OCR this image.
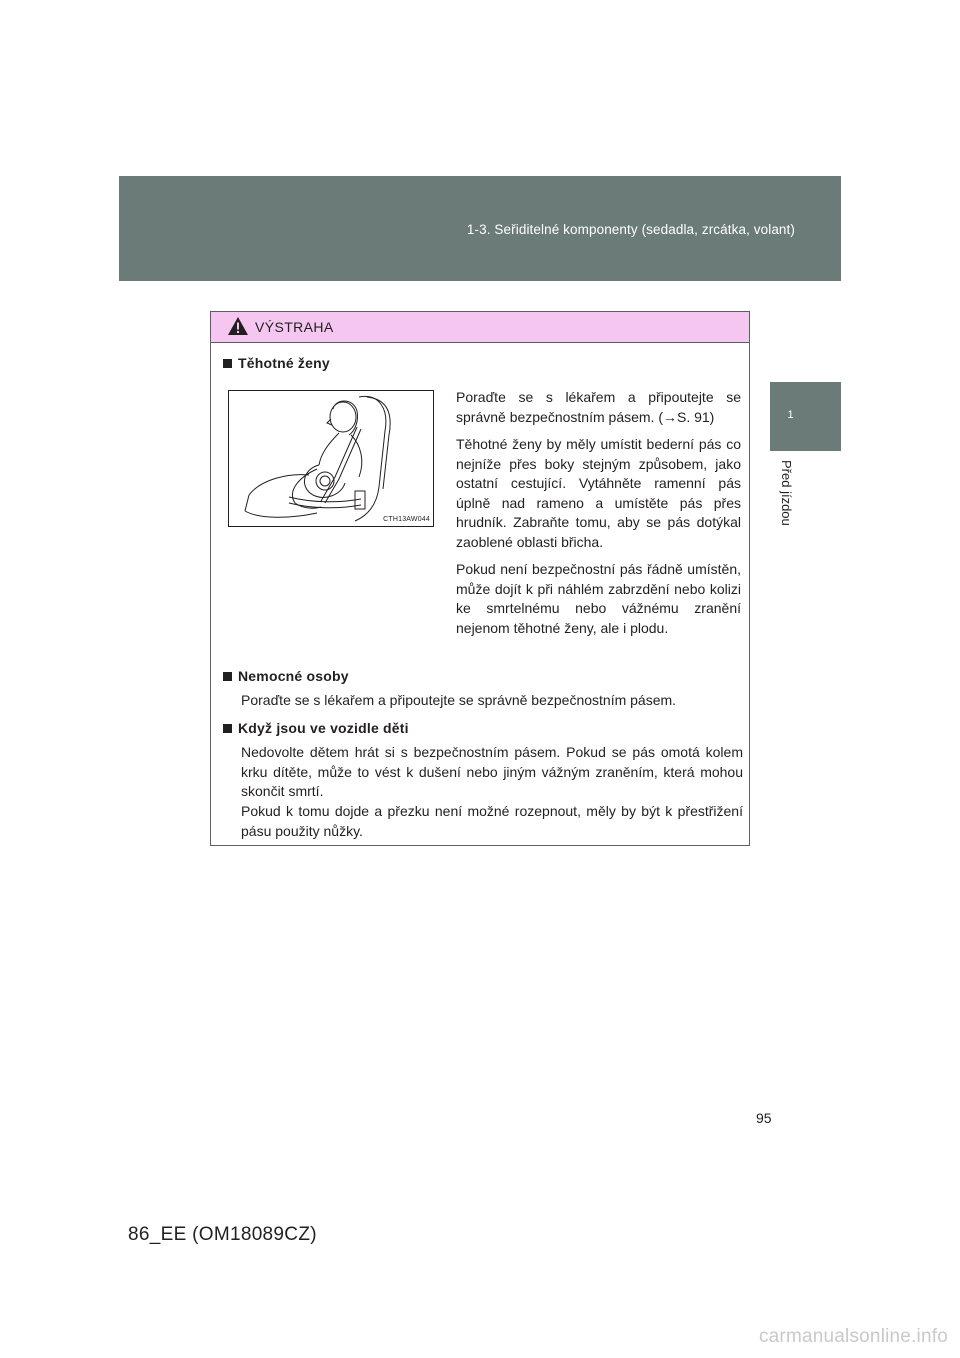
1-3. Seřiditelné komponenty (sedadla, zrcátka, volant)
1
Před jízdou
VÝSTRAHA
Těhotné ženy
CTH13AW044
Poraďte se s lékařem a připoutejte se správně bezpečnostním pásem. (→S. 91)
Těhotné ženy by měly umístit bederní pás co nejníže přes boky stejným způsobem, jako ostatní cestující. Vytáhněte ramenní pás úplně nad rameno a umístěte pás přes hrudník. Zabraňte tomu, aby se pás dotýkal zaoblené oblasti břicha.
Pokud není bezpečnostní pás řádně umístěn, může dojít k při náhlém zabrzdění nebo kolizi ke smrtelnému nebo vážnému zranění nejenom těhotné ženy, ale i plodu.
Nemocné osoby
Poraďte se s lékařem a připoutejte se správně bezpečnostním pásem.
Když jsou ve vozidle děti
Nedovolte dětem hrát si s bezpečnostním pásem. Pokud se pás omotá kolem krku dítěte, může to vést k dušení nebo jiným vážným zraněním, která mohou skončit smrtí.
Pokud k tomu dojde a přezku není možné rozepnout, měly by být k přestřižení pásu použity nůžky.
95
86_EE (OM18089CZ)
carmanualsonline.info
